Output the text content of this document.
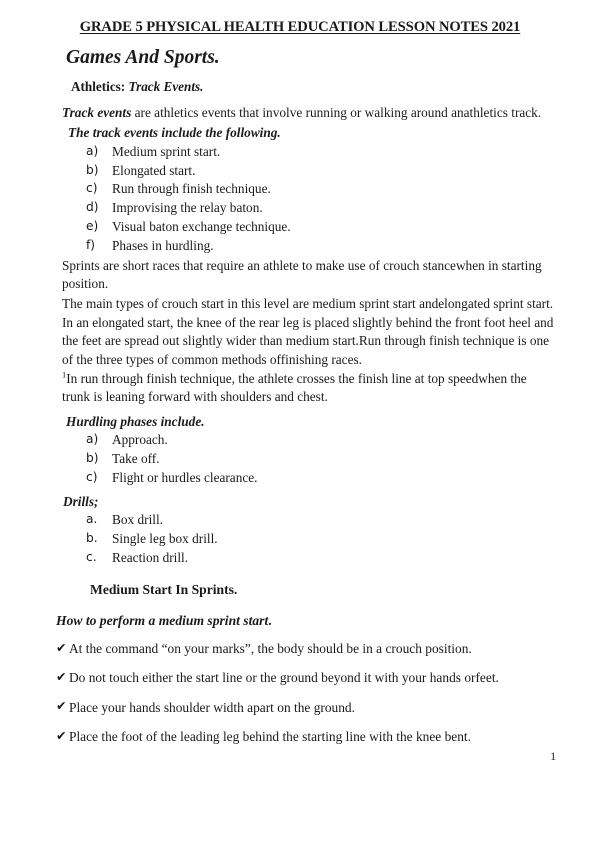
GRADE 5 PHYSICAL HEALTH EDUCATION LESSON NOTES 2021
Games And Sports.

Athletics: Track Events.

Track events are athletics events that involve running or walking around anathletics track.

The track events include the following.

a) Medium sprint start.
b) Elongated start.
c) Run through finish technique.
d) Improvising the relay baton.
e) Visual baton exchange technique.
f) Phases in hurdling.

Sprints are short races that require an athlete to make use of crouch stancewhen in starting position.

The main types of crouch start in this level are medium sprint start andelongated sprint start.

In an elongated start, the knee of the rear leg is placed slightly behind the front foot heel and the feet are spread out slightly wider than medium start.Run through finish technique is one of the three types of common methods offinishing races.

$^1$In run through finish technique, the athlete crosses the finish line at top speedwhen the trunk is leaning forward with shoulders and chest.

Hurdling phases include.

a) Approach.
b) Take off.
c) Flight or hurdles clearance.

Drills;

a. Box drill.
b. Single leg box drill.
c. Reaction drill.

Medium Start In Sprints.

How to perform a medium sprint start.

✔ At the command “on your marks”, the body should be in a crouch position.
✔ Do not touch either the start line or the ground beyond it with your hands orfeet.
✔ Place your hands shoulder width apart on the ground.
✔ Place the foot of the leading leg behind the starting line with the knee bent.
1
